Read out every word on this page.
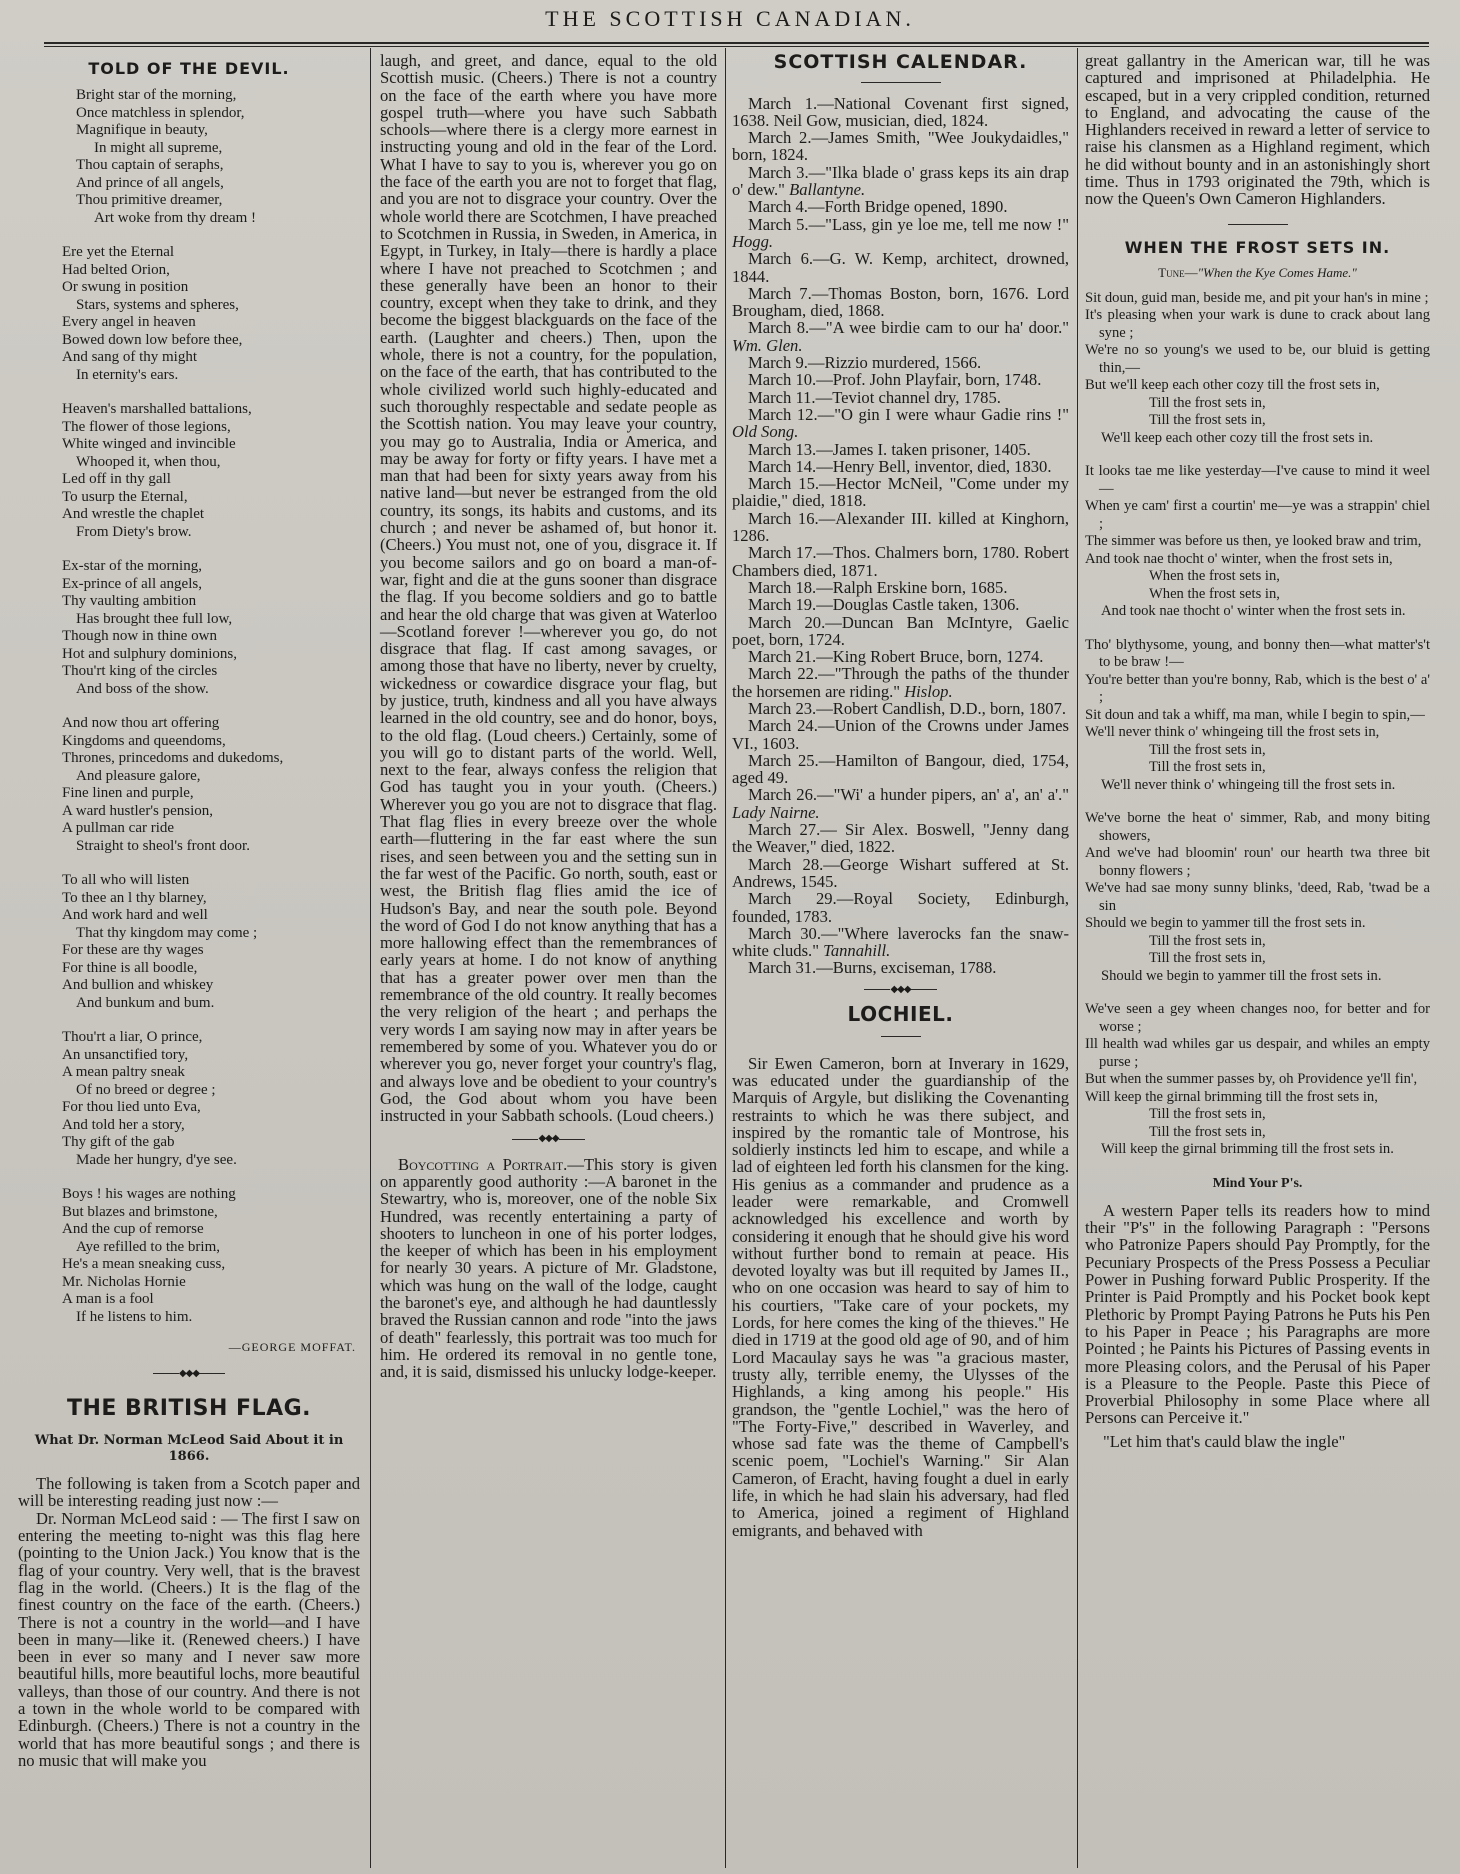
THE SCOTTISH CANADIAN.
TOLD OF THE DEVIL.
Bright star of the morning,
Once matchless in splendor,
Magnifique in beauty,
In might all supreme,
Thou captain of seraphs,
And prince of all angels,
Thou primitive dreamer,
Art woke from thy dream !
Ere yet the Eternal
Had belted Orion,
Or swung in position
Stars, systems and spheres,
Every angel in heaven
Bowed down low before thee,
And sang of thy might
In eternity's ears.
Heaven's marshalled battalions,
The flower of those legions,
White winged and invincible
Whooped it, when thou,
Led off in thy gall
To usurp the Eternal,
And wrestle the chaplet
From Diety's brow.
Ex-star of the morning,
Ex-prince of all angels,
Thy vaulting ambition
Has brought thee full low,
Though now in thine own
Hot and sulphury dominions,
Thou'rt king of the circles
And boss of the show.
And now thou art offering
Kingdoms and queendoms,
Thrones, princedoms and dukedoms,
And pleasure galore,
Fine linen and purple,
A ward hustler's pension,
A pullman car ride
Straight to sheol's front door.
To all who will listen
To thee an l thy blarney,
And work hard and well
That thy kingdom may come ;
For these are thy wages
For thine is all boodle,
And bullion and whiskey
And bunkum and bum.
Thou'rt a liar, O prince,
An unsanctified tory,
A mean paltry sneak
Of no breed or degree ;
For thou lied unto Eva,
And told her a story,
Thy gift of the gab
Made her hungry, d'ye see.
Boys ! his wages are nothing
But blazes and brimstone,
And the cup of remorse
Aye refilled to the brim,
He's a mean sneaking cuss,
Mr. Nicholas Hornie
A man is a fool
If he listens to him.
—GEORGE MOFFAT.
◆◆◆
THE BRITISH FLAG.
What Dr. Norman McLeod Said About it in 1866.

The following is taken from a Scotch paper and will be interesting reading just now :—

Dr. Norman McLeod said : — The first I saw on entering the meeting to-night was this flag here (pointing to the Union Jack.) You know that is the flag of your country. Very well, that is the bravest flag in the world. (Cheers.) It is the flag of the finest country on the face of the earth. (Cheers.) There is not a country in the world—and I have been in many—like it. (Renewed cheers.) I have been in ever so many and I never saw more beautiful hills, more beautiful lochs, more beautiful valleys, than those of our country. And there is not a town in the whole world to be compared with Edinburgh. (Cheers.) There is not a country in the world that has more beautiful songs ; and there is no music that will make you

laugh, and greet, and dance, equal to the old Scottish music. (Cheers.) There is not a country on the face of the earth where you have more gospel truth—where you have such Sabbath schools—where there is a clergy more earnest in instructing young and old in the fear of the Lord. What I have to say to you is, wherever you go on the face of the earth you are not to forget that flag, and you are not to disgrace your country. Over the whole world there are Scotchmen, I have preached to Scotchmen in Russia, in Sweden, in America, in Egypt, in Turkey, in Italy—there is hardly a place where I have not preached to Scotchmen ; and these generally have been an honor to their country, except when they take to drink, and they become the biggest blackguards on the face of the earth. (Laughter and cheers.) Then, upon the whole, there is not a country, for the population, on the face of the earth, that has contributed to the whole civilized world such highly-educated and such thoroughly respectable and sedate people as the Scottish nation. You may leave your country, you may go to Australia, India or America, and may be away for forty or fifty years. I have met a man that had been for sixty years away from his native land—but never be estranged from the old country, its songs, its habits and customs, and its church ; and never be ashamed of, but honor it. (Cheers.) You must not, one of you, disgrace it. If you become sailors and go on board a man-of-war, fight and die at the guns sooner than disgrace the flag. If you become soldiers and go to battle and hear the old charge that was given at Waterloo—Scotland forever !—wherever you go, do not disgrace that flag. If cast among savages, or among those that have no liberty, never by cruelty, wickedness or cowardice disgrace your flag, but by justice, truth, kindness and all you have always learned in the old country, see and do honor, boys, to the old flag. (Loud cheers.) Certainly, some of you will go to distant parts of the world. Well, next to the fear, always confess the religion that God has taught you in your youth. (Cheers.) Wherever you go you are not to disgrace that flag. That flag flies in every breeze over the whole earth—fluttering in the far east where the sun rises, and seen between you and the setting sun in the far west of the Pacific. Go north, south, east or west, the British flag flies amid the ice of Hudson's Bay, and near the south pole. Beyond the word of God I do not know anything that has a more hallowing effect than the remembrances of early years at home. I do not know of anything that has a greater power over men than the remembrance of the old country. It really becomes the very religion of the heart ; and perhaps the very words I am saying now may in after years be remembered by some of you. Whatever you do or wherever you go, never forget your country's flag, and always love and be obedient to your country's God, the God about whom you have been instructed in your Sabbath schools. (Loud cheers.)

◆◆◆

Boycotting a Portrait.—This story is given on apparently good authority :—A baronet in the Stewartry, who is, moreover, one of the noble Six Hundred, was recently entertaining a party of shooters to luncheon in one of his porter lodges, the keeper of which has been in his employment for nearly 30 years. A picture of Mr. Gladstone, which was hung on the wall of the lodge, caught the baronet's eye, and although he had dauntlessly braved the Russian cannon and rode "into the jaws of death" fearlessly, this portrait was too much for him. He ordered its removal in no gentle tone, and, it is said, dismissed his unlucky lodge-keeper.

SCOTTISH CALENDAR.

March 1.—National Covenant first signed, 1638. Neil Gow, musician, died, 1824.

March 2.—James Smith, "Wee Joukydaidles," born, 1824.

March 3.—"Ilka blade o' grass keps its ain drap o' dew." Ballantyne.

March 4.—Forth Bridge opened, 1890.

March 5.—"Lass, gin ye loe me, tell me now !" Hogg.

March 6.—G. W. Kemp, architect, drowned, 1844.

March 7.—Thomas Boston, born, 1676. Lord Brougham, died, 1868.

March 8.—"A wee birdie cam to our ha' door." Wm. Glen.

March 9.—Rizzio murdered, 1566.

March 10.—Prof. John Playfair, born, 1748.

March 11.—Teviot channel dry, 1785.

March 12.—"O gin I were whaur Gadie rins !" Old Song.

March 13.—James I. taken prisoner, 1405.

March 14.—Henry Bell, inventor, died, 1830.

March 15.—Hector McNeil, "Come under my plaidie," died, 1818.

March 16.—Alexander III. killed at Kinghorn, 1286.

March 17.—Thos. Chalmers born, 1780. Robert Chambers died, 1871.

March 18.—Ralph Erskine born, 1685.

March 19.—Douglas Castle taken, 1306.

March 20.—Duncan Ban McIntyre, Gaelic poet, born, 1724.

March 21.—King Robert Bruce, born, 1274.

March 22.—"Through the paths of the thunder the horsemen are riding." Hislop.

March 23.—Robert Candlish, D.D., born, 1807.

March 24.—Union of the Crowns under James VI., 1603.

March 25.—Hamilton of Bangour, died, 1754, aged 49.

March 26.—"Wi' a hunder pipers, an' a', an' a'." Lady Nairne.

March 27.— Sir Alex. Boswell, "Jenny dang the Weaver," died, 1822.

March 28.—George Wishart suffered at St. Andrews, 1545.

March 29.—Royal Society, Edinburgh, founded, 1783.

March 30.—"Where laverocks fan the snaw-white cluds." Tannahill.

March 31.—Burns, exciseman, 1788.

◆◆◆
LOCHIEL.

Sir Ewen Cameron, born at Inverary in 1629, was educated under the guardianship of the Marquis of Argyle, but disliking the Covenanting restraints to which he was there subject, and inspired by the romantic tale of Montrose, his soldierly instincts led him to escape, and while a lad of eighteen led forth his clansmen for the king. His genius as a commander and prudence as a leader were remarkable, and Cromwell acknowledged his excellence and worth by considering it enough that he should give his word without further bond to remain at peace. His devoted loyalty was but ill requited by James II., who on one occasion was heard to say of him to his courtiers, "Take care of your pockets, my Lords, for here comes the king of the thieves." He died in 1719 at the good old age of 90, and of him Lord Macaulay says he was "a gracious master, trusty ally, terrible enemy, the Ulysses of the Highlands, a king among his people." His grandson, the "gentle Lochiel," was the hero of "The Forty-Five," described in Waverley, and whose sad fate was the theme of Campbell's scenic poem, "Lochiel's Warning." Sir Alan Cameron, of Eracht, having fought a duel in early life, in which he had slain his adversary, had fled to America, joined a regiment of Highland emigrants, and behaved with

great gallantry in the American war, till he was captured and imprisoned at Philadelphia. He escaped, but in a very crippled condition, returned to England, and advocating the cause of the Highlanders received in reward a letter of service to raise his clansmen as a Highland regiment, which he did without bounty and in an astonishingly short time. Thus in 1793 originated the 79th, which is now the Queen's Own Cameron Highlanders.

WHEN THE FROST SETS IN.
Tune—"When the Kye Comes Hame."
Sit doun, guid man, beside me, and pit your han's in mine ;
It's pleasing when your wark is dune to crack about lang syne ;
We're no so young's we used to be, our bluid is getting thin,—
But we'll keep each other cozy till the frost sets in,
Till the frost sets in,
Till the frost sets in,
We'll keep each other cozy till the frost sets in.
It looks tae me like yesterday—I've cause to mind it weel—
When ye cam' first a courtin' me—ye was a strappin' chiel ;
The simmer was before us then, ye looked braw and trim,
And took nae thocht o' winter, when the frost sets in,
When the frost sets in,
When the frost sets in,
And took nae thocht o' winter when the frost sets in.
Tho' blythysome, young, and bonny then—what matter's't to be braw !—
You're better than you're bonny, Rab, which is the best o' a' ;
Sit doun and tak a whiff, ma man, while I begin to spin,—
We'll never think o' whingeing till the frost sets in,
Till the frost sets in,
Till the frost sets in,
We'll never think o' whingeing till the frost sets in.
We've borne the heat o' simmer, Rab, and mony biting showers,
And we've had bloomin' roun' our hearth twa three bit bonny flowers ;
We've had sae mony sunny blinks, 'deed, Rab, 'twad be a sin
Should we begin to yammer till the frost sets in.
Till the frost sets in,
Till the frost sets in,
Should we begin to yammer till the frost sets in.
We've seen a gey wheen changes noo, for better and for worse ;
Ill health wad whiles gar us despair, and whiles an empty purse ;
But when the summer passes by, oh Providence ye'll fin',
Will keep the girnal brimming till the frost sets in,
Till the frost sets in,
Till the frost sets in,
Will keep the girnal brimming till the frost sets in.
Mind Your P's.

A western Paper tells its readers how to mind their "P's" in the following Paragraph : "Persons who Patronize Papers should Pay Promptly, for the Pecuniary Prospects of the Press Possess a Peculiar Power in Pushing forward Public Prosperity. If the Printer is Paid Promptly and his Pocket book kept Plethoric by Prompt Paying Patrons he Puts his Pen to his Paper in Peace ; his Paragraphs are more Pointed ; he Paints his Pictures of Passing events in more Pleasing colors, and the Perusal of his Paper is a Pleasure to the People. Paste this Piece of Proverbial Philosophy in some Place where all Persons can Perceive it."

"Let him that's cauld blaw the ingle"
